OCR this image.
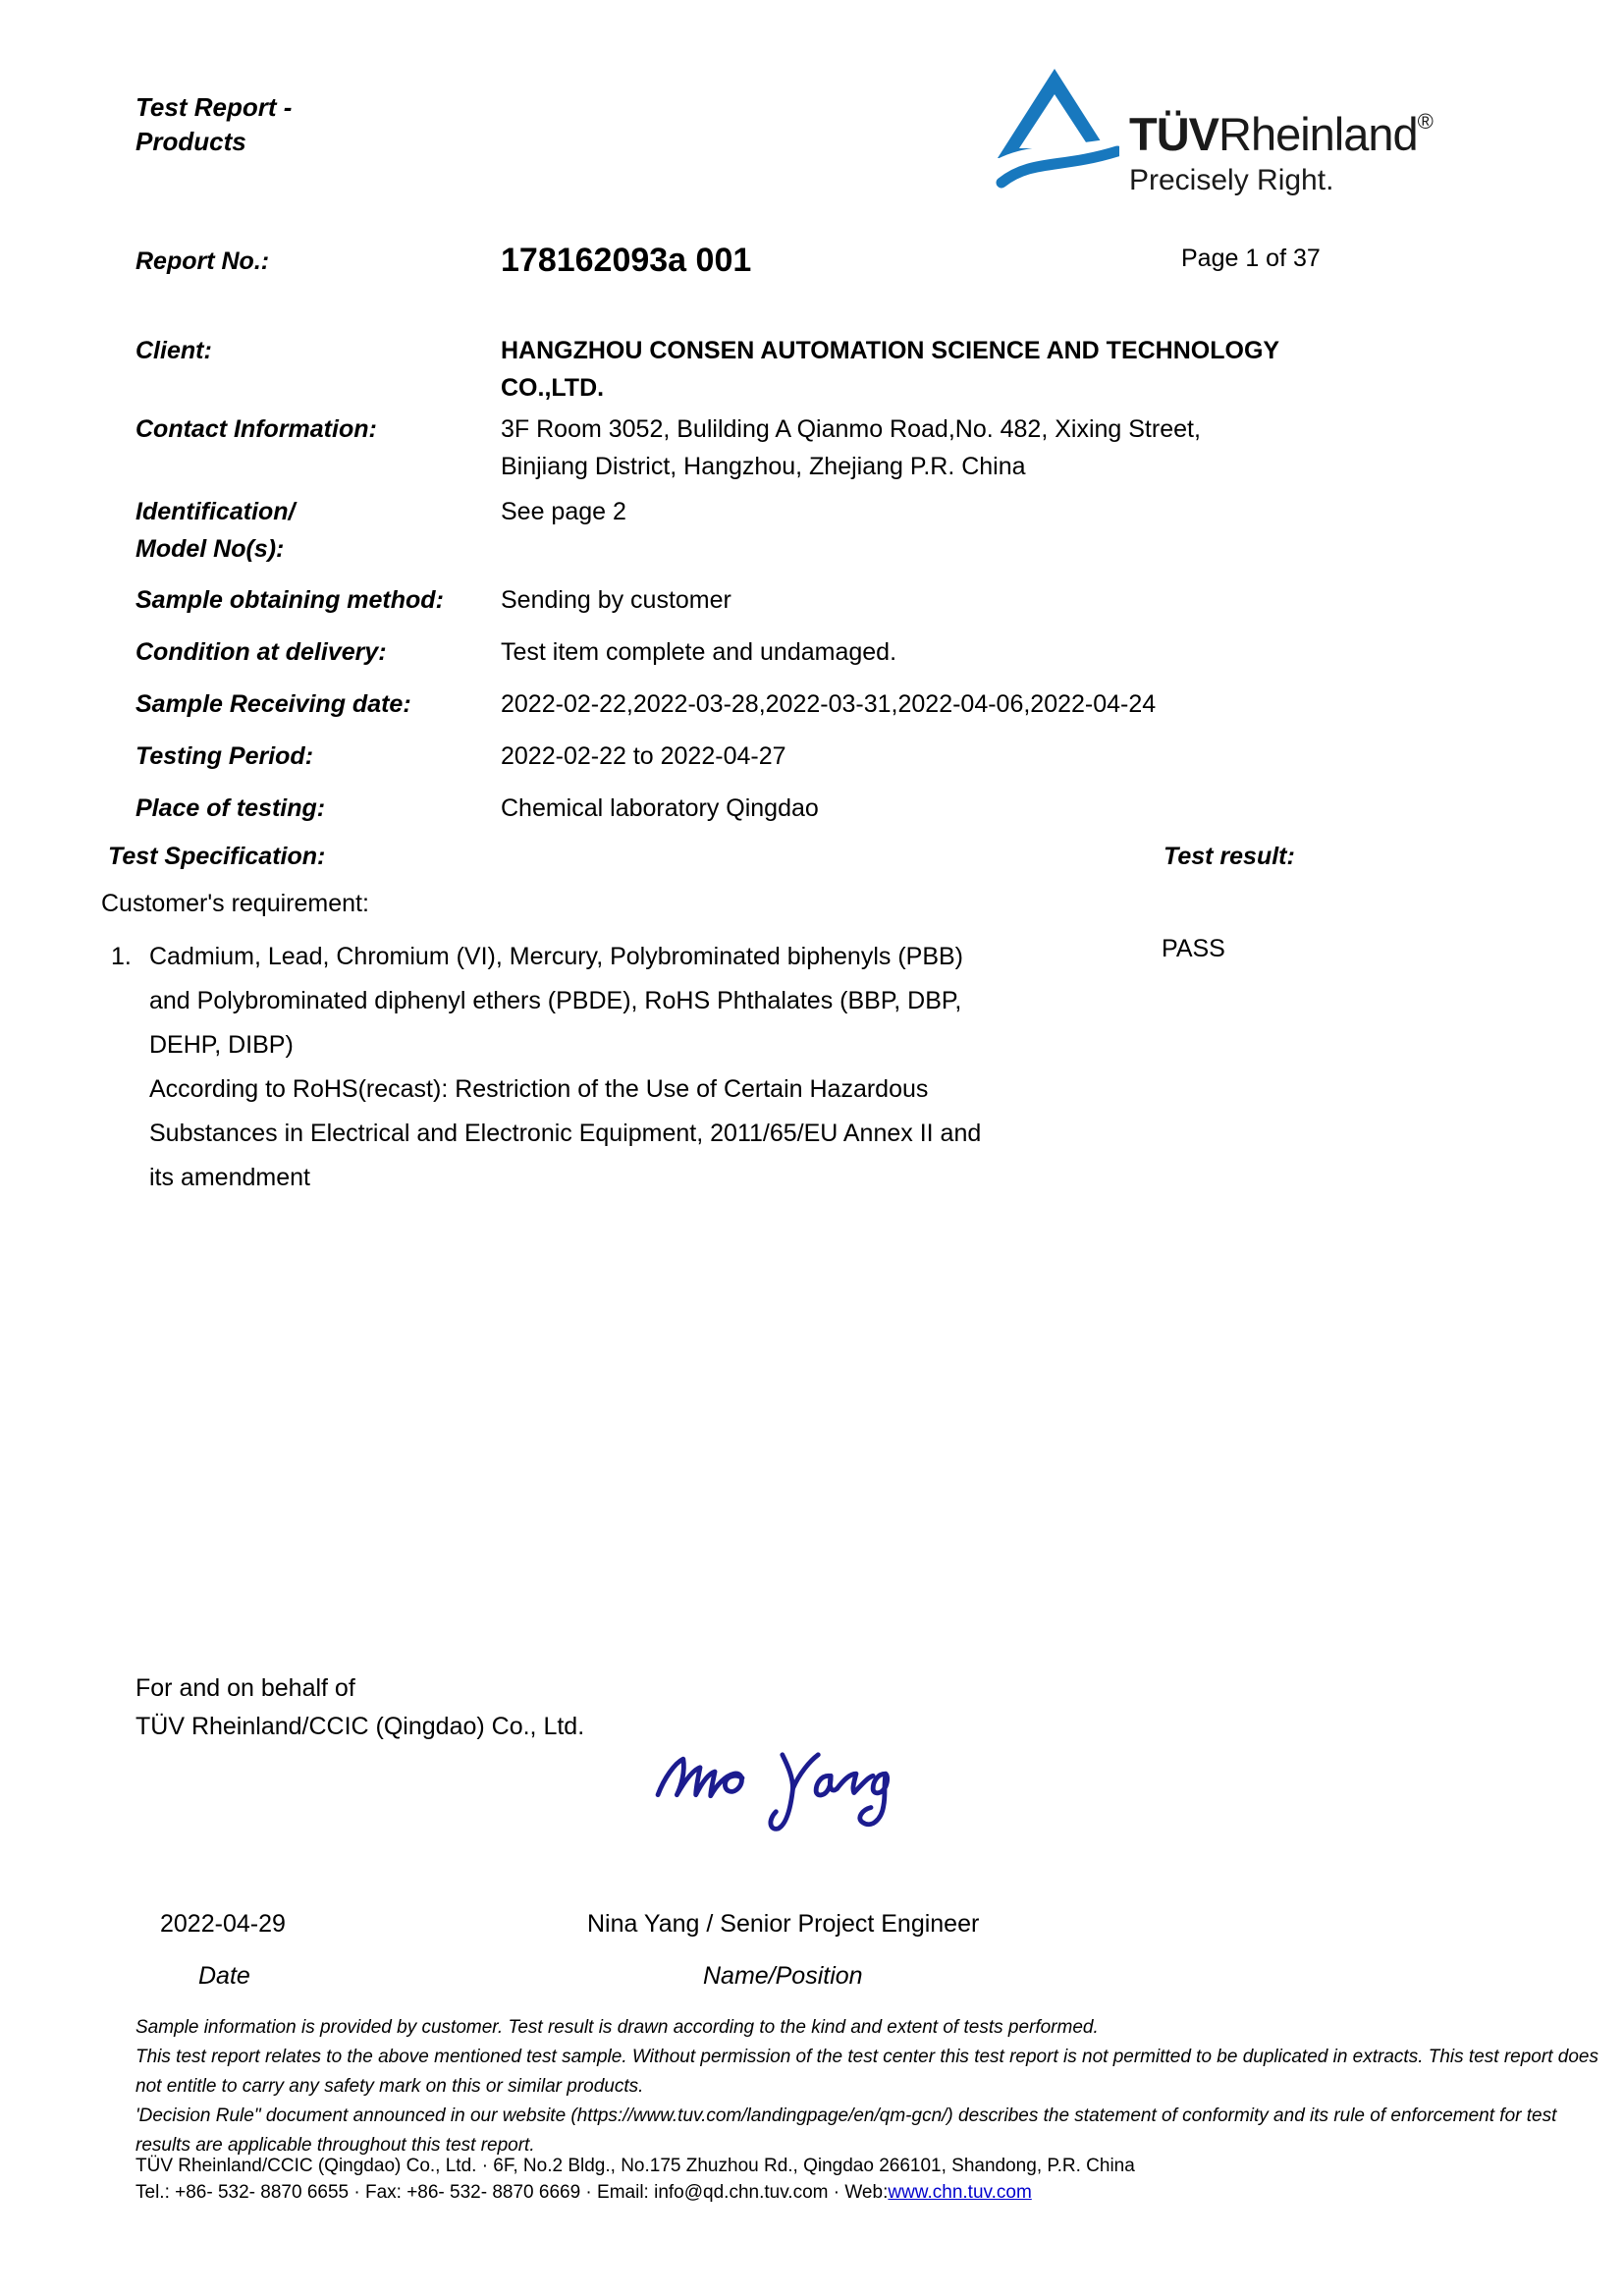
Test Report -
Products	TÜVRheinland®
Precisely Right.
Report No.:	178162093a 001	Page 1 of 37
Client:	HANGZHOU CONSEN AUTOMATION SCIENCE AND TECHNOLOGY
CO.,LTD.
Contact Information:	3F Room 3052, Bulilding A Qianmo Road,No. 482, Xixing Street,
Binjiang District, Hangzhou, Zhejiang P.R. China
Identification/
Model No(s):
See page 2
Sample obtaining method:	Sending by customer
Condition at delivery:	Test item complete and undamaged.
Sample Receiving date:	2022-02-22,2022-03-28,2022-03-31,2022-04-06,2022-04-24
Testing Period:	2022-02-22 to 2022-04-27
Place of testing:	Chemical laboratory Qingdao
Test Specification:	Test result:
Customer's requirement:
1. Cadmium, Lead, Chromium (VI), Mercury, Polybrominated biphenyls (PBB)
and Polybrominated diphenyl ethers (PBDE), RoHS Phthalates (BBP, DBP,
DEHP, DIBP)
According to RoHS(recast): Restriction of the Use of Certain Hazardous
Substances in Electrical and Electronic Equipment, 2011/65/EU Annex II and
its amendment
PASS
For and on behalf of
TÜV Rheinland/CCIC (Qingdao) Co., Ltd.
2022-04-29	Nina Yang / Senior Project Engineer
Date	Name/Position

Sample information is provided by customer. Test result is drawn according to the kind and extent of tests performed.

This test report relates to the above mentioned test sample. Without permission of the test center this test report is not permitted to be duplicated in extracts. This test report does not entitle to carry any safety mark on this or similar products.

'Decision Rule" document announced in our website (https://www.tuv.com/landingpage/en/qm-gcn/) describes the statement of conformity and its rule of enforcement for test results are applicable throughout this test report.

TÜV Rheinland/CCIC (Qingdao) Co., Ltd. · 6F, No.2 Bldg., No.175 Zhuzhou Rd., Qingdao 266101, Shandong, P.R. China
Tel.: +86- 532- 8870 6655 · Fax: +86- 532- 8870 6669 · Email: info@qd.chn.tuv.com · Web:www.chn.tuv.com
